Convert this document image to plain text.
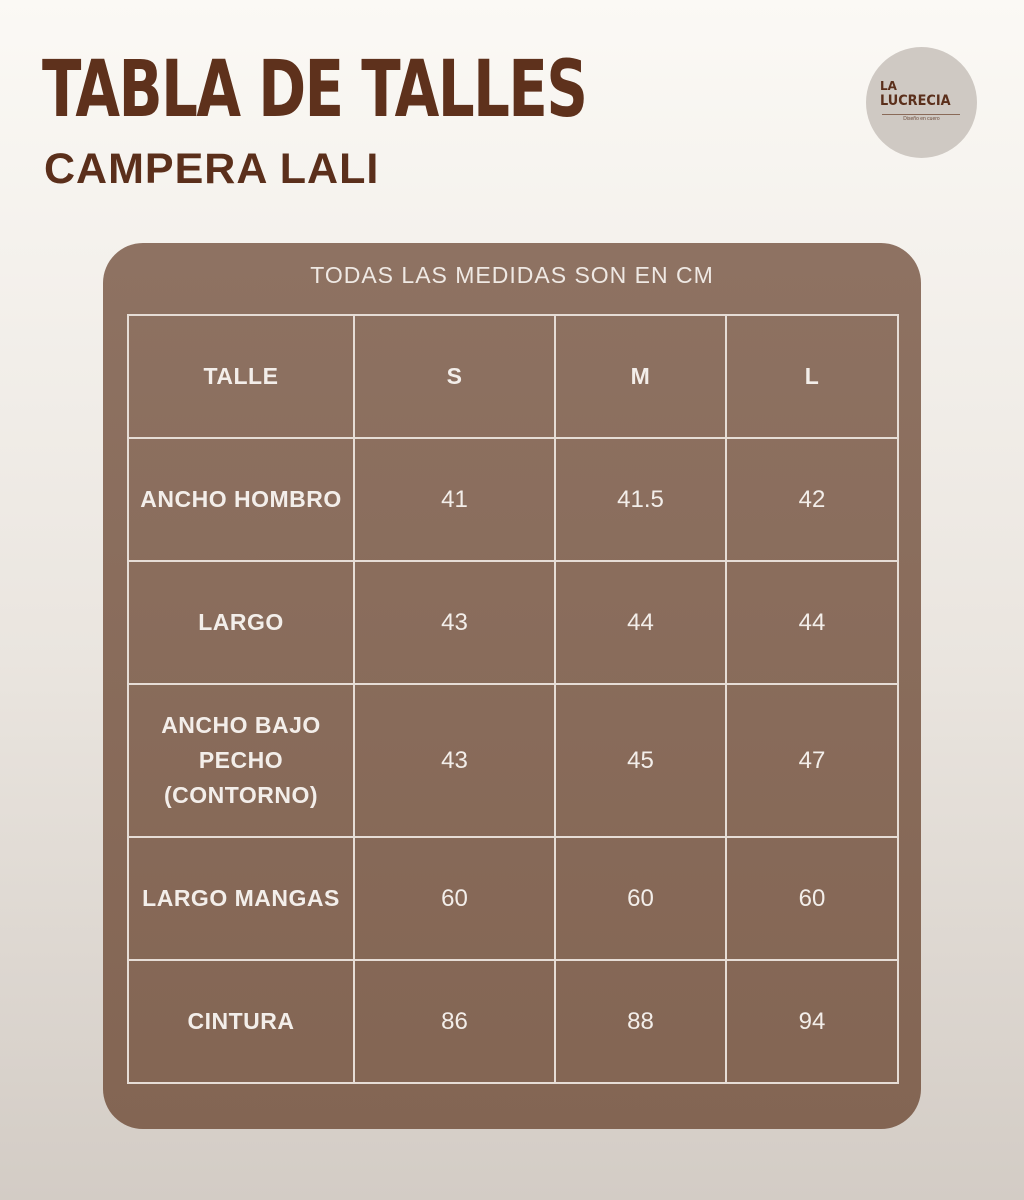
TABLA DE TALLES
CAMPERA LALI
LA
LUCRECIA
Diseño en cuero
TODAS LAS MEDIDAS SON EN CM
TALLE	S	M	L
ANCHO HOMBRO	41	41.5	42
LARGO	43	44	44
ANCHO BAJO PECHO (CONTORNO)	43	45	47
LARGO MANGAS	60	60	60
CINTURA	86	88	94
